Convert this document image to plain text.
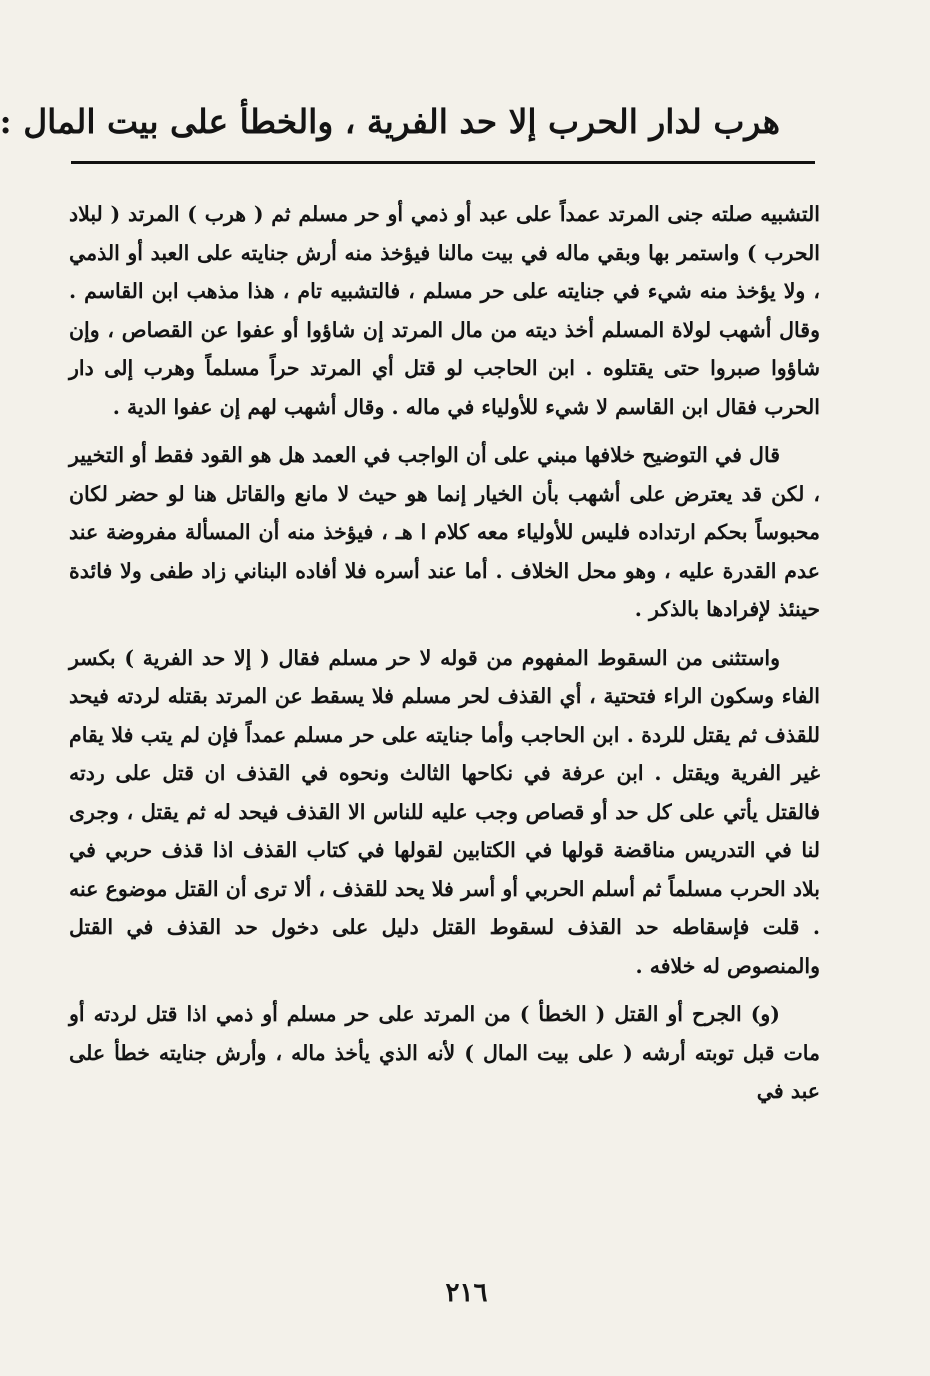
هرب لدار الحرب إلا حد الفرية ، والخطأ على بيت المال :

التشبيه صلته جنى المرتد عمداً على عبد أو ذمي أو حر مسلم ثم ( هرب ) المرتد ( لبلاد الحرب ) واستمر بها وبقي ماله في بيت مالنا فيؤخذ منه أرش جنايته على العبد أو الذمي ، ولا يؤخذ منه شيء في جنايته على حر مسلم ، فالتشبيه تام ، هذا مذهب ابن القاسم . وقال أشهب لولاة المسلم أخذ ديته من مال المرتد إن شاؤوا أو عفوا عن القصاص ، وإن شاؤوا صبروا حتى يقتلوه . ابن الحاجب لو قتل أي المرتد حراً مسلماً وهرب إلى دار الحرب فقال ابن القاسم لا شيء للأولياء في ماله . وقال أشهب لهم إن عفوا الدية .

قال في التوضيح خلافها مبني على أن الواجب في العمد هل هو القود فقط أو التخيير ، لكن قد يعترض على أشهب بأن الخيار إنما هو حيث لا مانع والقاتل هنا لو حضر لكان محبوساً بحكم ارتداده فليس للأولياء معه كلام ا هـ ، فيؤخذ منه أن المسألة مفروضة عند عدم القدرة عليه ، وهو محل الخلاف . أما عند أسره فلا أفاده البناني زاد طفى ولا فائدة حينئذ لإفرادها بالذكر .

واستثنى من السقوط المفهوم من قوله لا حر مسلم فقال ( إلا حد الفرية ) بكسر الفاء وسكون الراء فتحتية ، أي القذف لحر مسلم فلا يسقط عن المرتد بقتله لردته فيحد للقذف ثم يقتل للردة . ابن الحاجب وأما جنايته على حر مسلم عمداً فإن لم يتب فلا يقام غير الفرية ويقتل . ابن عرفة في نكاحها الثالث ونحوه في القذف ان قتل على ردته فالقتل يأتي على كل حد أو قصاص وجب عليه للناس الا القذف فيحد له ثم يقتل ، وجرى لنا في التدريس مناقضة قولها في الكتابين لقولها في كتاب القذف اذا قذف حربي في بلاد الحرب مسلماً ثم أسلم الحربي أو أسر فلا يحد للقذف ، ألا ترى أن القتل موضوع عنه . قلت فإسقاطه حد القذف لسقوط القتل دليل على دخول حد القذف في القتل والمنصوص له خلافه .

(و) الجرح أو القتل ( الخطأ ) من المرتد على حر مسلم أو ذمي اذا قتل لردته أو مات قبل توبته أرشه ( على بيت المال ) لأنه الذي يأخذ ماله ، وأرش جنايته خطأ على عبد في

٢١٦
